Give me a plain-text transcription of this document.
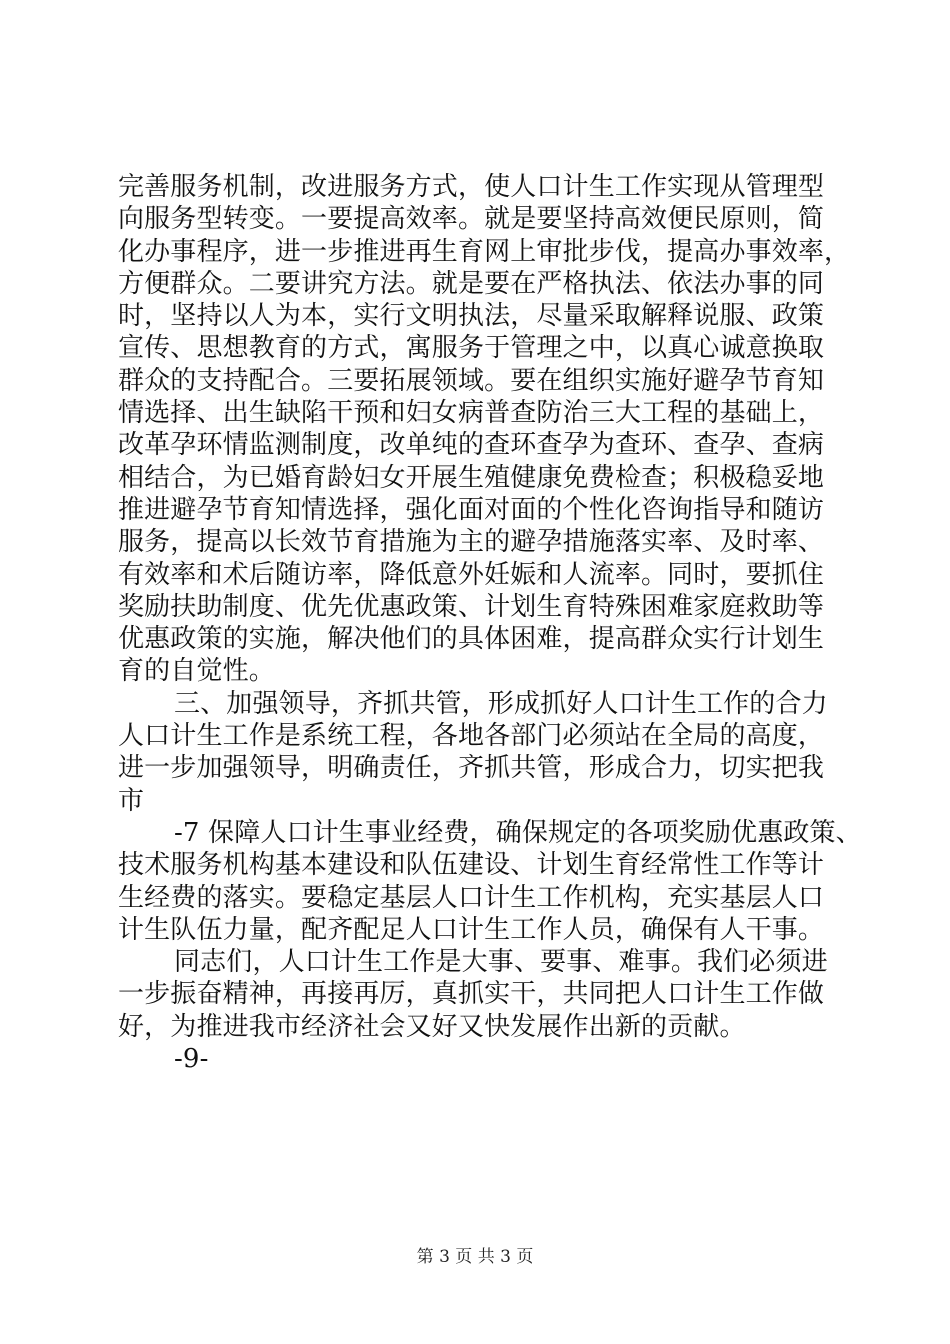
完善服务机制，改进服务方式，使人口计生工作实现从管理型
向服务型转变。一要提高效率。就是要坚持高效便民原则，简
化办事程序，进一步推进再生育网上审批步伐，提高办事效率，
方便群众。二要讲究方法。就是要在严格执法、依法办事的同
时，坚持以人为本，实行文明执法，尽量采取解释说服、政策
宣传、思想教育的方式，寓服务于管理之中，以真心诚意换取
群众的支持配合。三要拓展领域。要在组织实施好避孕节育知
情选择、出生缺陷干预和妇女病普查防治三大工程的基础上，
改革孕环情监测制度，改单纯的查环查孕为查环、查孕、查病
相结合，为已婚育龄妇女开展生殖健康免费检查；积极稳妥地
推进避孕节育知情选择，强化面对面的个性化咨询指导和随访
服务，提高以长效节育措施为主的避孕措施落实率、及时率、
有效率和术后随访率，降低意外妊娠和人流率。同时，要抓住
奖励扶助制度、优先优惠政策、计划生育特殊困难家庭救助等
优惠政策的实施，解决他们的具体困难，提高群众实行计划生
育的自觉性。
三、加强领导，齐抓共管，形成抓好人口计生工作的合力
人口计生工作是系统工程，各地各部门必须站在全局的高度，
进一步加强领导，明确责任，齐抓共管，形成合力，切实把我
市
-7 保障人口计生事业经费，确保规定的各项奖励优惠政策、
技术服务机构基本建设和队伍建设、计划生育经常性工作等计
生经费的落实。要稳定基层人口计生工作机构，充实基层人口
计生队伍力量，配齐配足人口计生工作人员，确保有人干事。
同志们，人口计生工作是大事、要事、难事。我们必须进
一步振奋精神，再接再厉，真抓实干，共同把人口计生工作做
好，为推进我市经济社会又好又快发展作出新的贡献。
-9-
第 3 页 共 3 页
